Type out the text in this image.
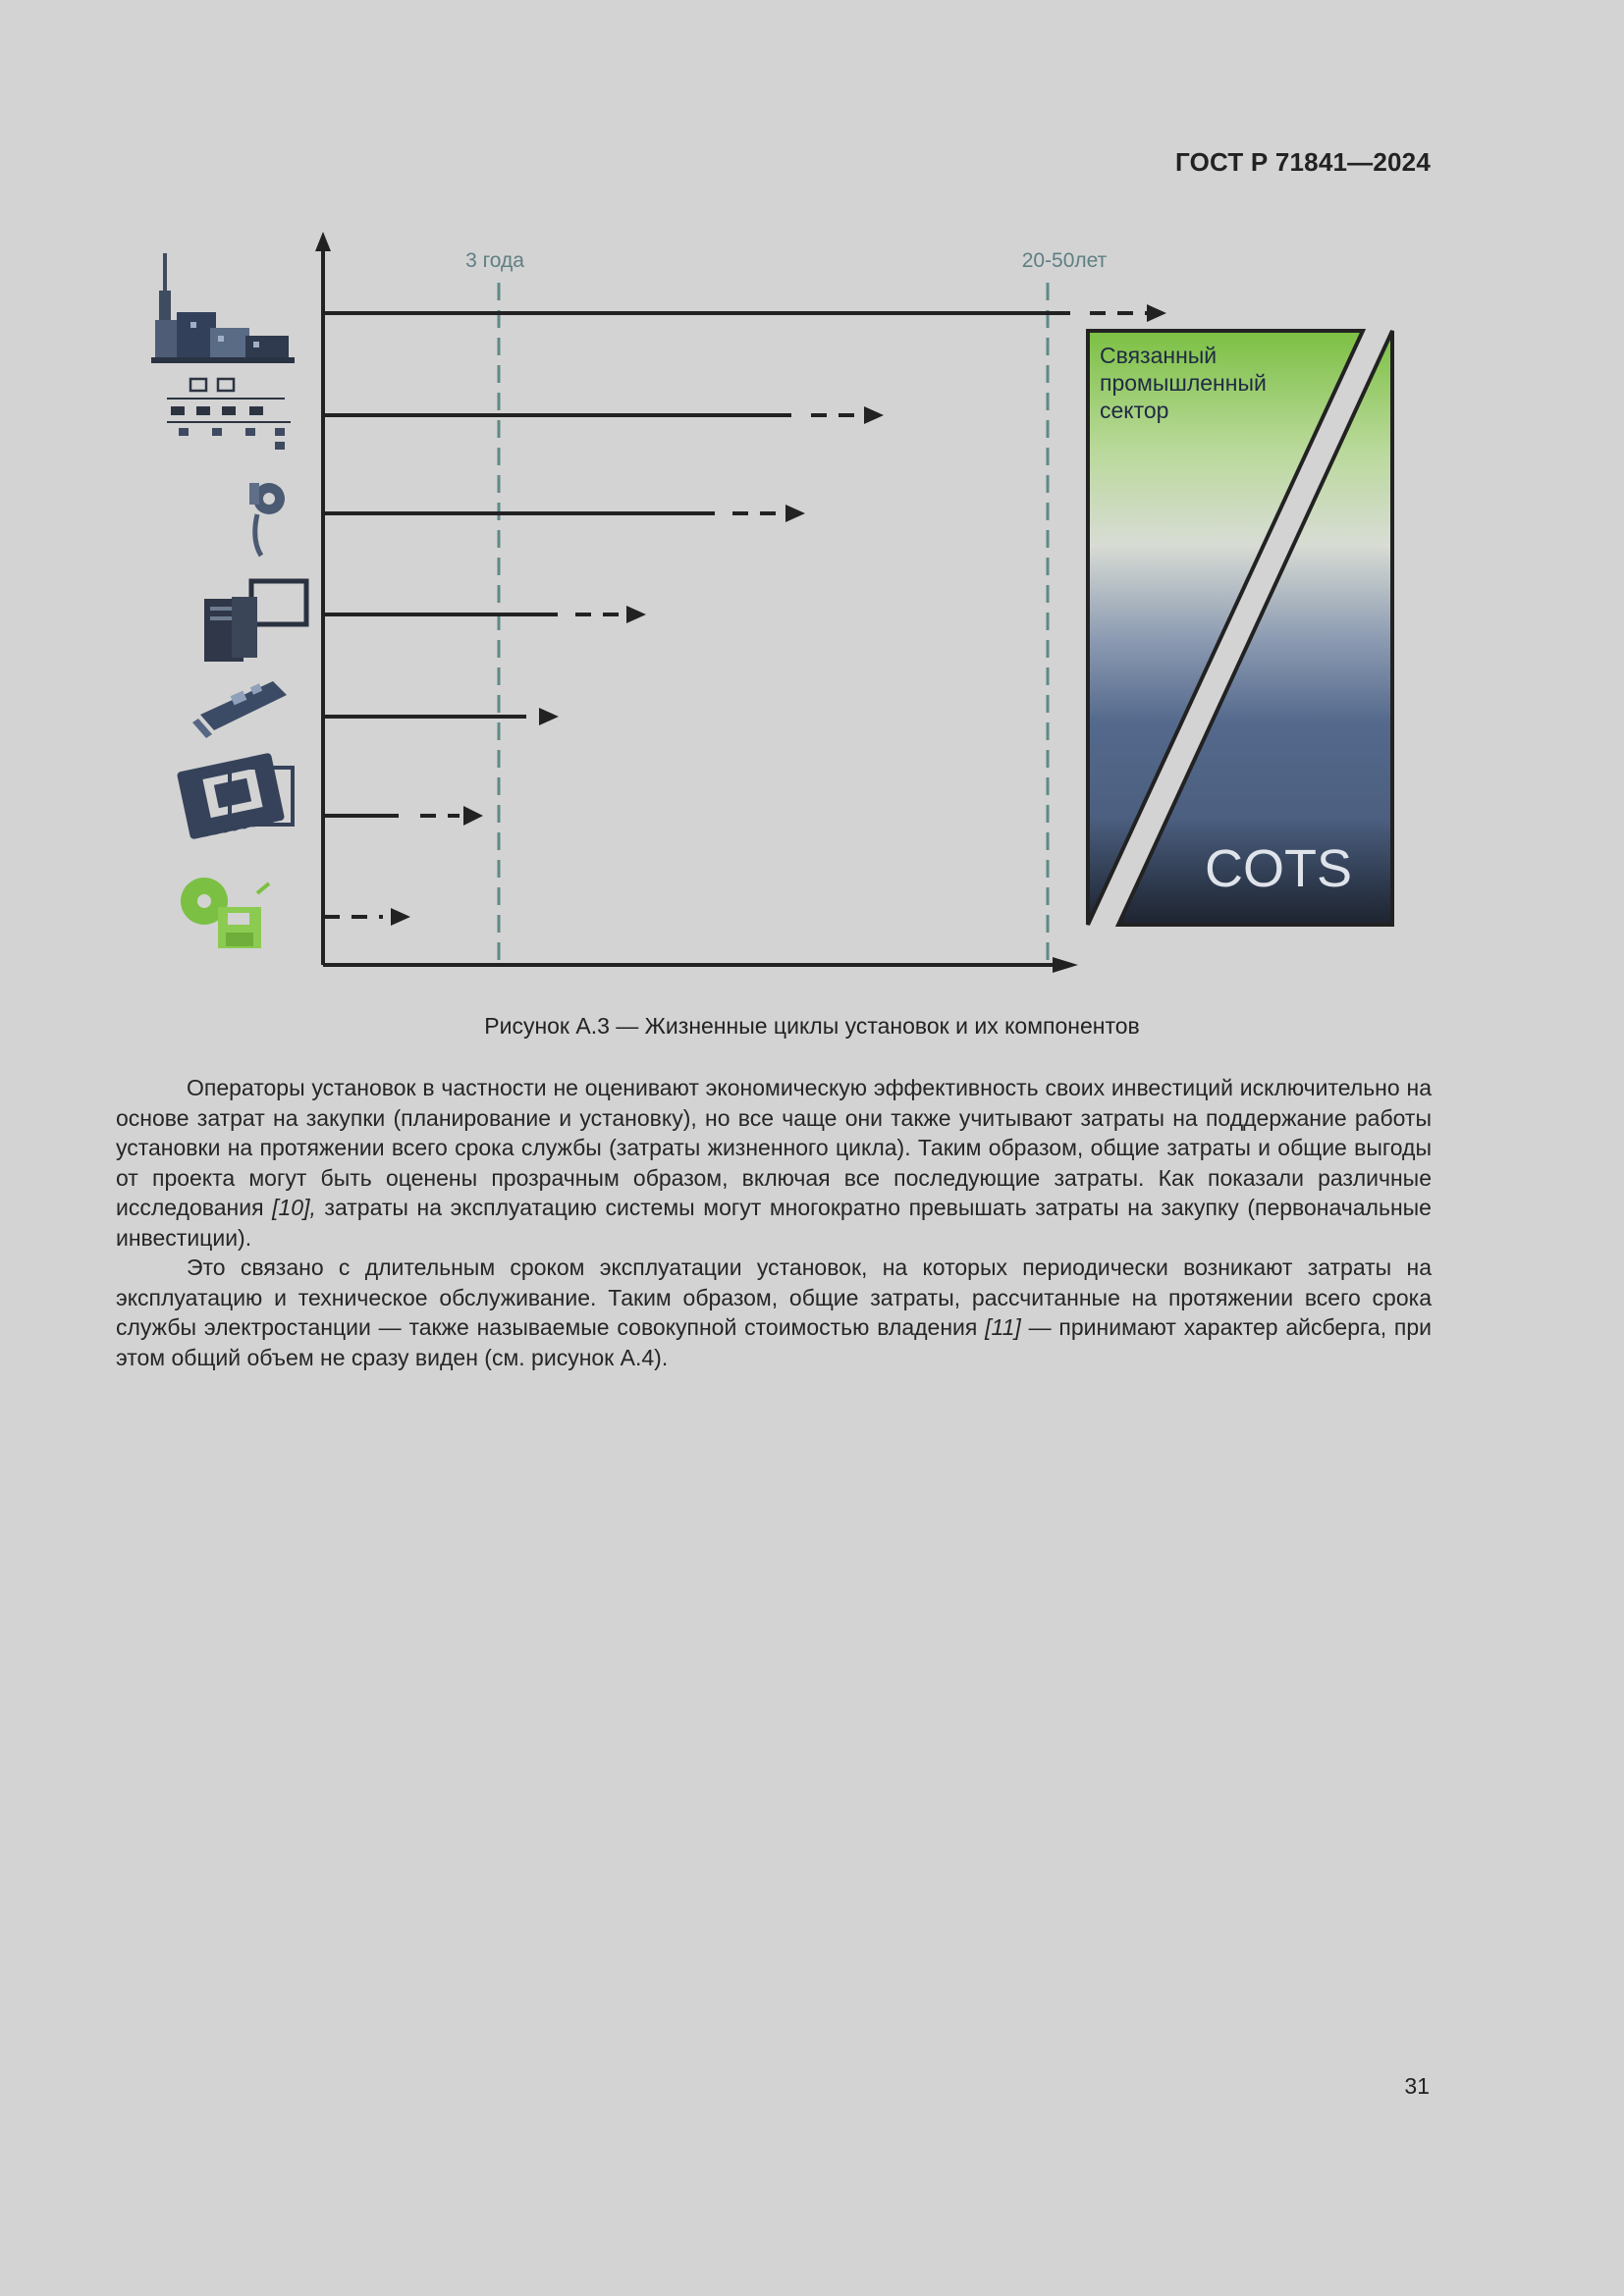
ГОСТ Р 71841—2024
3 года	20-50лет
Связанный
промышленный
сектор
COTS
Рисунок А.3 — Жизненные циклы установок и их компонентов

Операторы установок в частности не оценивают экономическую эффективность своих инвестиций исключительно на основе затрат на закупки (планирование и установку), но все чаще они также учитывают затраты на поддержание работы установки на протяжении всего срока службы (затраты жизненного цикла). Таким образом, общие затраты и общие выгоды от проекта могут быть оценены прозрачным образом, включая все последующие затраты. Как показали различные исследования [10], затраты на эксплуатацию системы могут многократно превышать затраты на закупку (первоначальные инвестиции).

Это связано с длительным сроком эксплуатации установок, на которых периодически возникают затраты на эксплуатацию и техническое обслуживание. Таким образом, общие затраты, рассчитанные на протяжении всего срока службы электростанции — также называемые совокупной стоимостью владения [11] — принимают характер айсберга, при этом общий объем не сразу виден (см. рисунок А.4).

31
